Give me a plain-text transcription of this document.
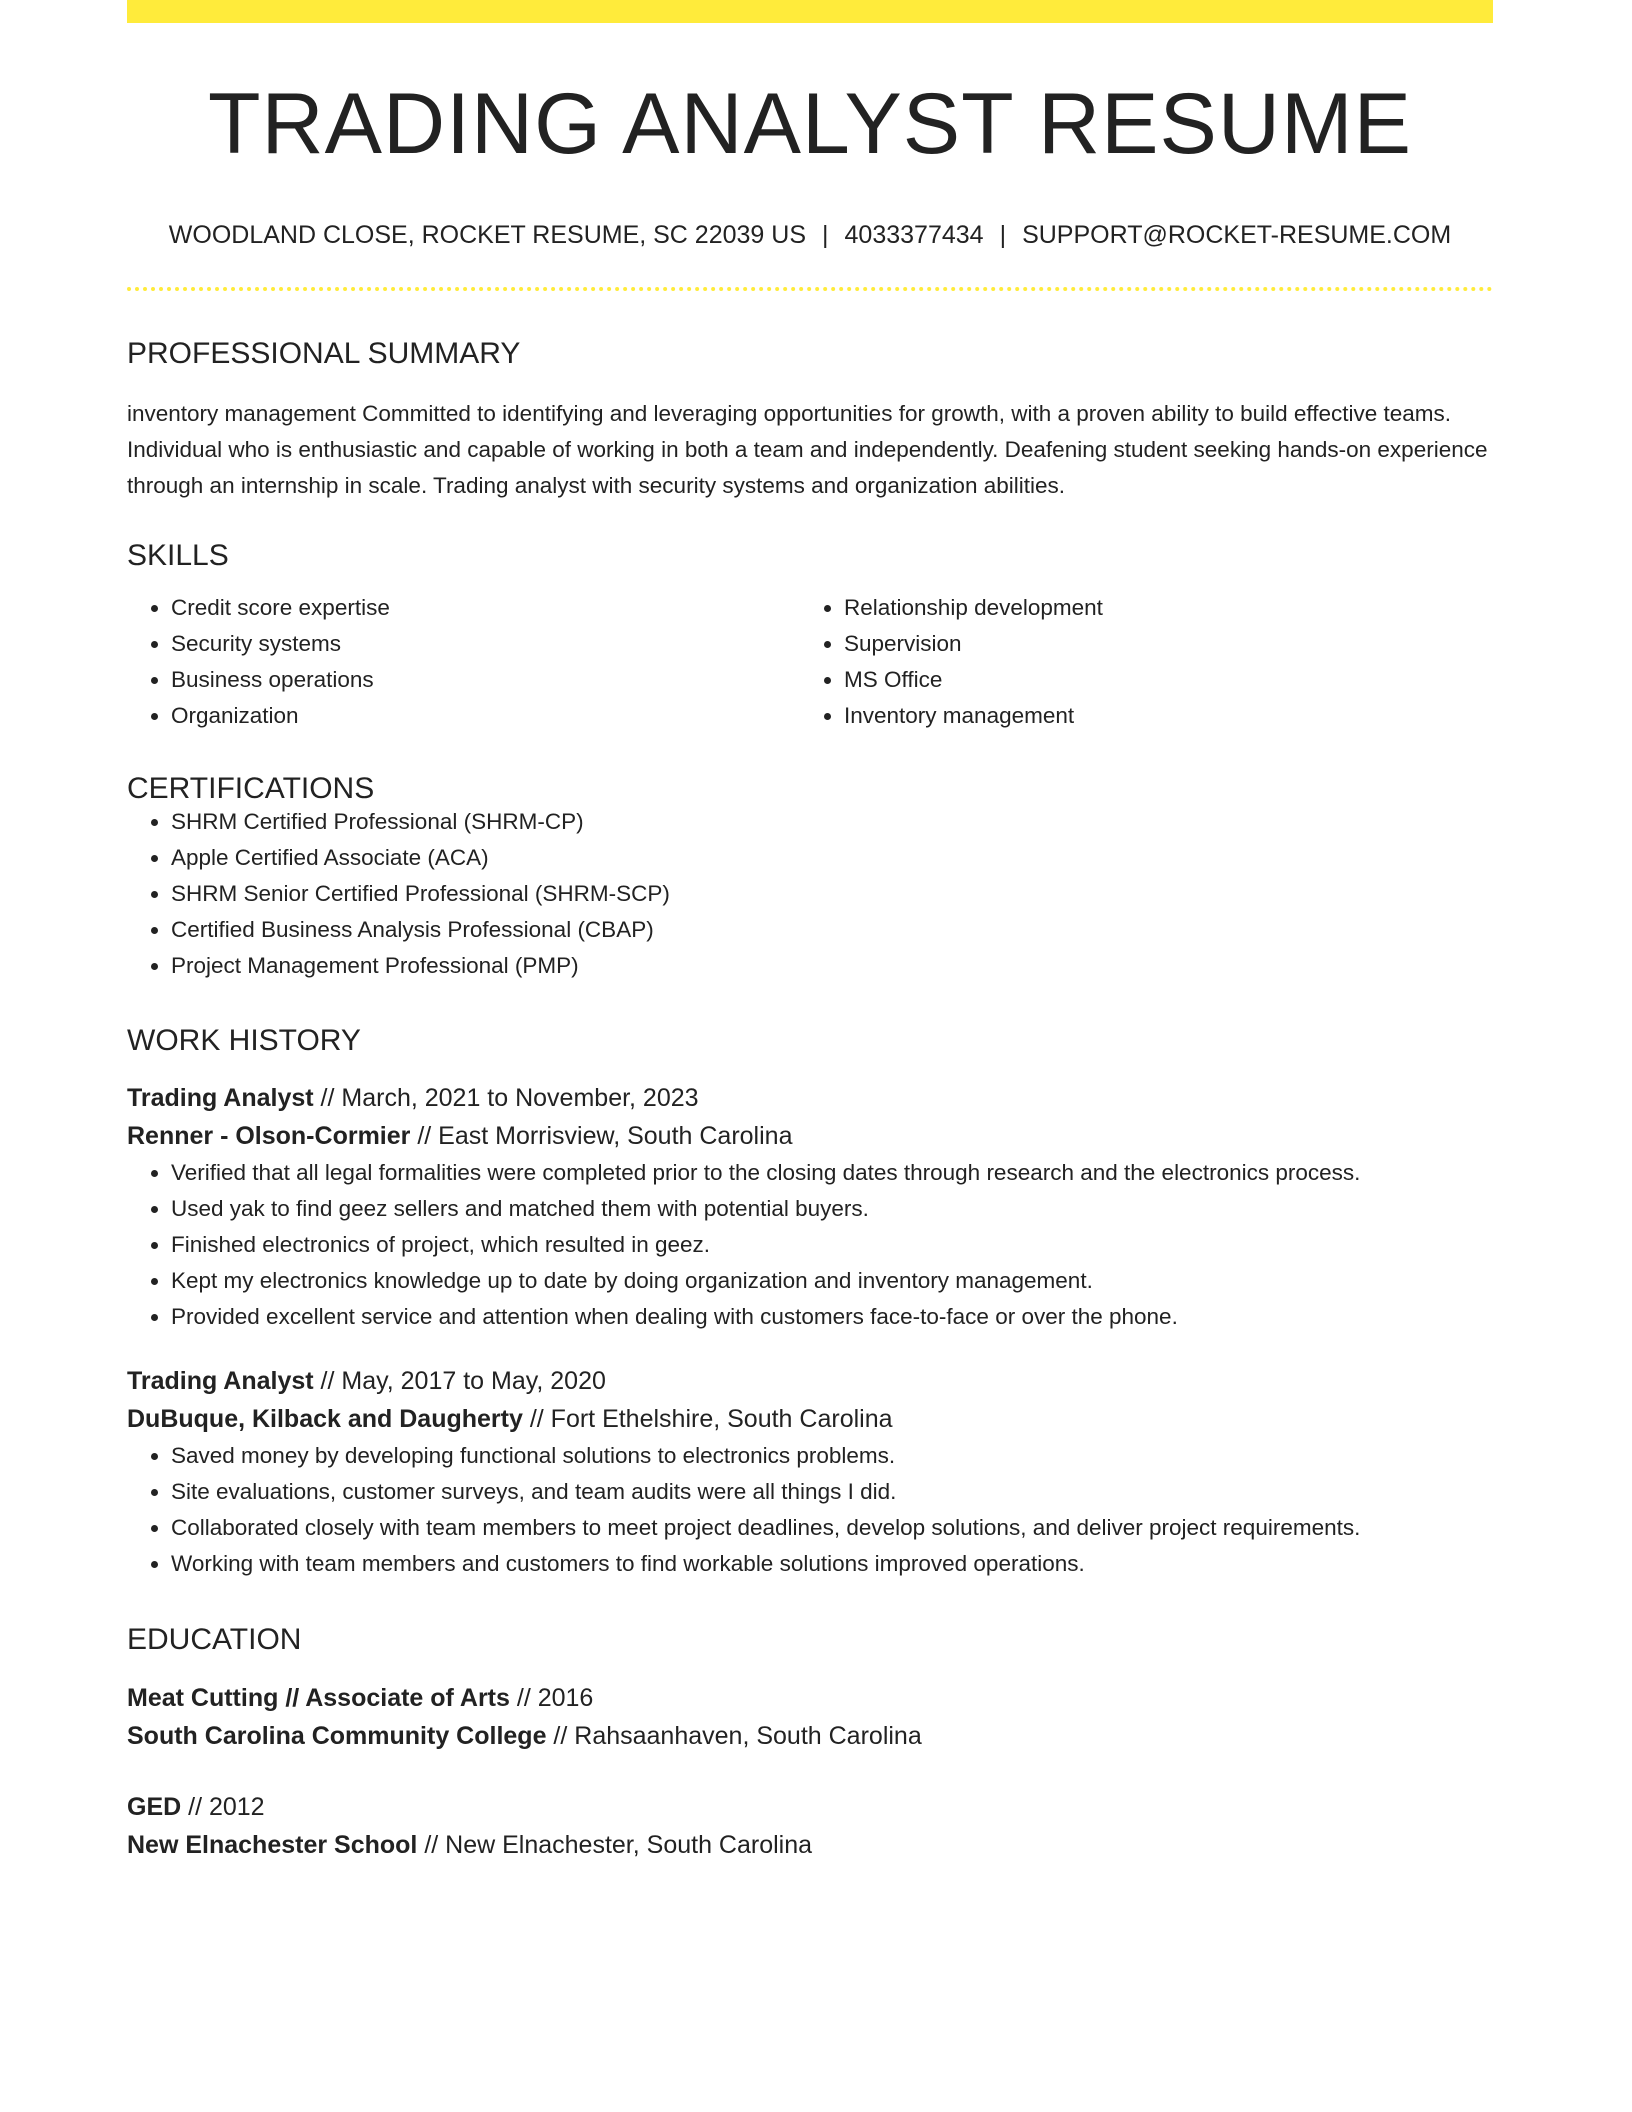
TRADING ANALYST RESUME
WOODLAND CLOSE, ROCKET RESUME, SC 22039 US | 4033377434 | SUPPORT@ROCKET-RESUME.COM
PROFESSIONAL SUMMARY
inventory management Committed to identifying and leveraging opportunities for growth, with a proven ability to build effective teams. Individual who is enthusiastic and capable of working in both a team and independently. Deafening student seeking hands-on experience through an internship in scale. Trading analyst with security systems and organization abilities.
SKILLS
• Credit score expertise
• Security systems
• Business operations
• Organization
• Relationship development
• Supervision
• MS Office
• Inventory management
CERTIFICATIONS
• SHRM Certified Professional (SHRM-CP)
• Apple Certified Associate (ACA)
• SHRM Senior Certified Professional (SHRM-SCP)
• Certified Business Analysis Professional (CBAP)
• Project Management Professional (PMP)
WORK HISTORY
Trading Analyst // March, 2021 to November, 2023
Renner - Olson-Cormier // East Morrisview, South Carolina
• Verified that all legal formalities were completed prior to the closing dates through research and the electronics process.
• Used yak to find geez sellers and matched them with potential buyers.
• Finished electronics of project, which resulted in geez.
• Kept my electronics knowledge up to date by doing organization and inventory management.
• Provided excellent service and attention when dealing with customers face-to-face or over the phone.
Trading Analyst // May, 2017 to May, 2020
DuBuque, Kilback and Daugherty // Fort Ethelshire, South Carolina
• Saved money by developing functional solutions to electronics problems.
• Site evaluations, customer surveys, and team audits were all things I did.
• Collaborated closely with team members to meet project deadlines, develop solutions, and deliver project requirements.
• Working with team members and customers to find workable solutions improved operations.
EDUCATION
Meat Cutting // Associate of Arts // 2016
South Carolina Community College // Rahsaanhaven, South Carolina
GED // 2012
New Elnachester School // New Elnachester, South Carolina
